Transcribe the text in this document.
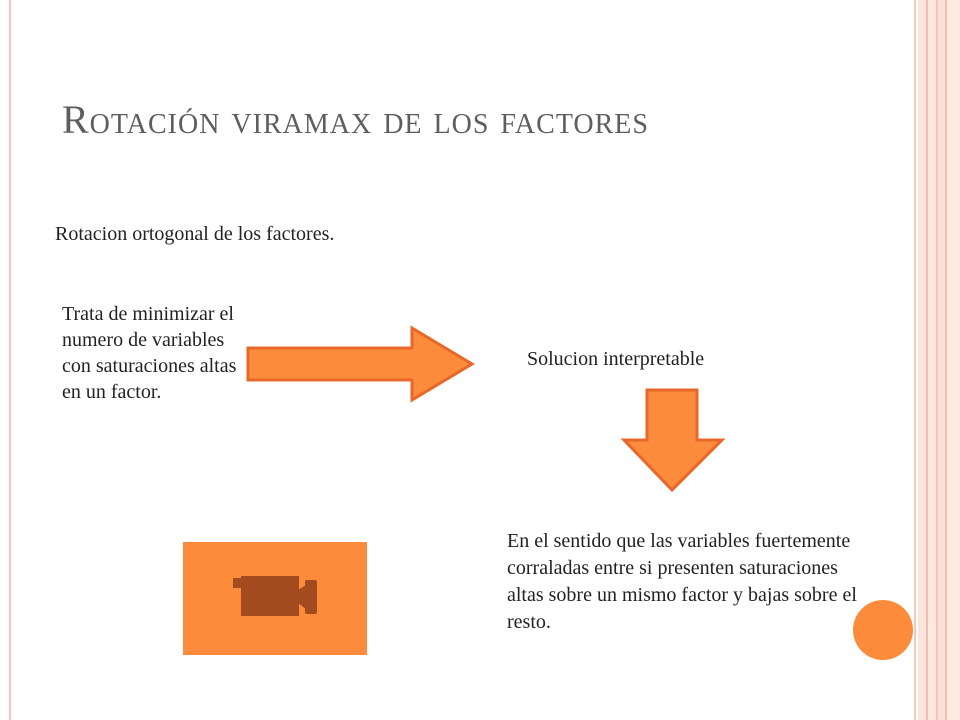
Rotación viramax de los factores

Rotacion ortogonal de los factores.

Trata de minimizar el numero de variables con saturaciones altas en un factor.

Solucion interpretable

En el sentido que las variables fuertemente corraladas entre si presenten saturaciones altas sobre un mismo factor y bajas sobre el resto.
